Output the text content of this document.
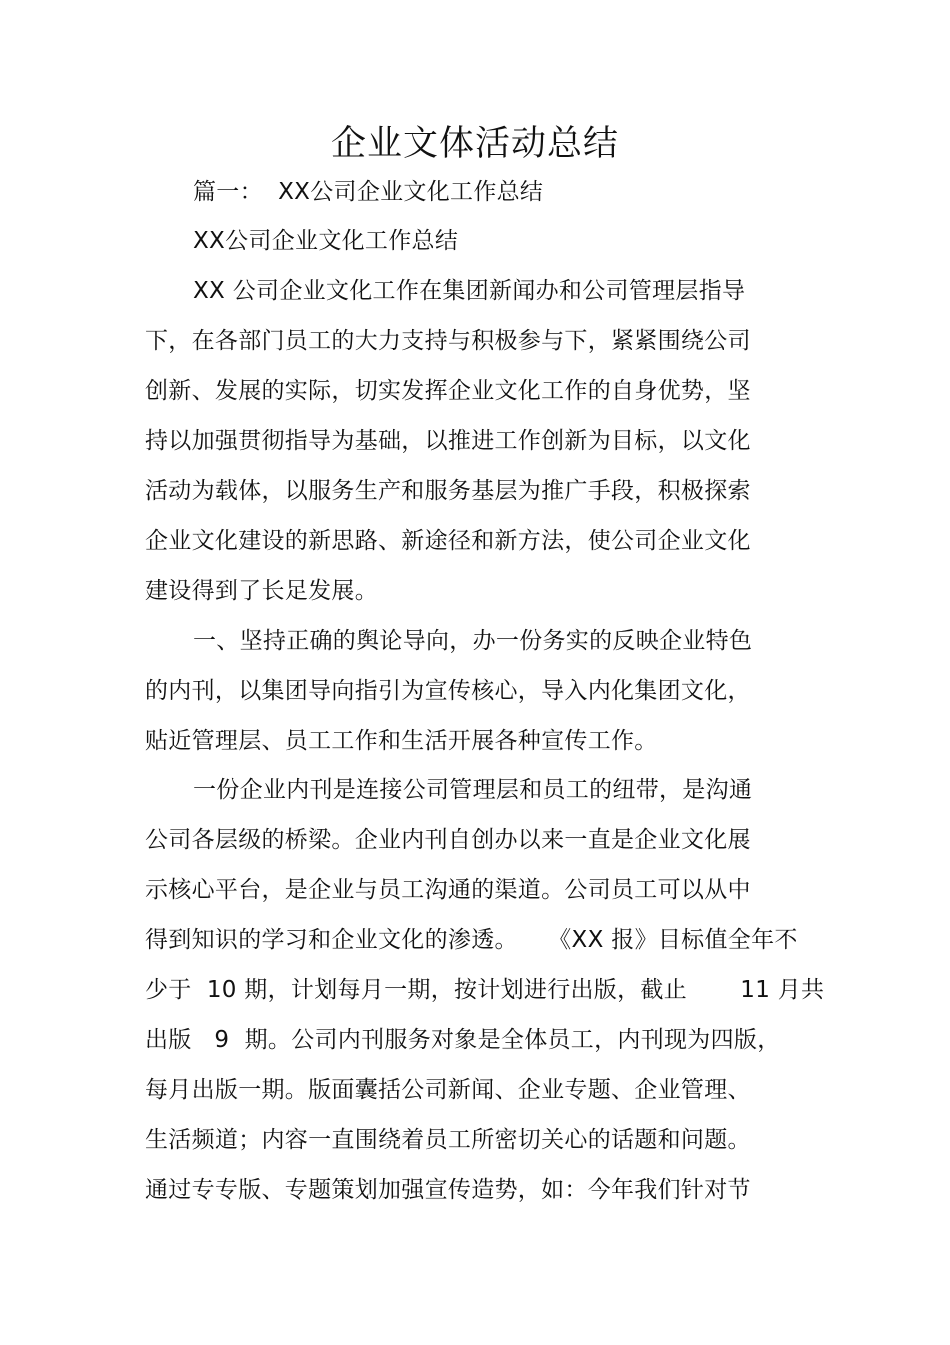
企业文体活动总结
篇一：  XX公司企业文化工作总结
XX公司企业文化工作总结
XX 公司企业文化工作在集团新闻办和公司管理层指导
下，在各部门员工的大力支持与积极参与下，紧紧围绕公司
创新、发展的实际，切实发挥企业文化工作的自身优势，坚
持以加强贯彻指导为基础，以推进工作创新为目标，以文化
活动为载体，以服务生产和服务基层为推广手段，积极探索
企业文化建设的新思路、新途径和新方法，使公司企业文化
建设得到了长足发展。
一、坚持正确的舆论导向，办一份务实的反映企业特色
的内刊，以集团导向指引为宣传核心，导入内化集团文化，
贴近管理层、员工工作和生活开展各种宣传工作。
一份企业内刊是连接公司管理层和员工的纽带，是沟通
公司各层级的桥梁。企业内刊自创办以来一直是企业文化展
示核心平台，是企业与员工沟通的渠道。公司员工可以从中
得到知识的学习和企业文化的渗透。    《XX 报》目标值全年不
少于  10 期，计划每月一期，按计划进行出版，截止       11 月共
出版   9  期。公司内刊服务对象是全体员工，内刊现为四版，
每月出版一期。版面囊括公司新闻、企业专题、企业管理、
生活频道；内容一直围绕着员工所密切关心的话题和问题。
通过专专版、专题策划加强宣传造势，如：今年我们针对节
